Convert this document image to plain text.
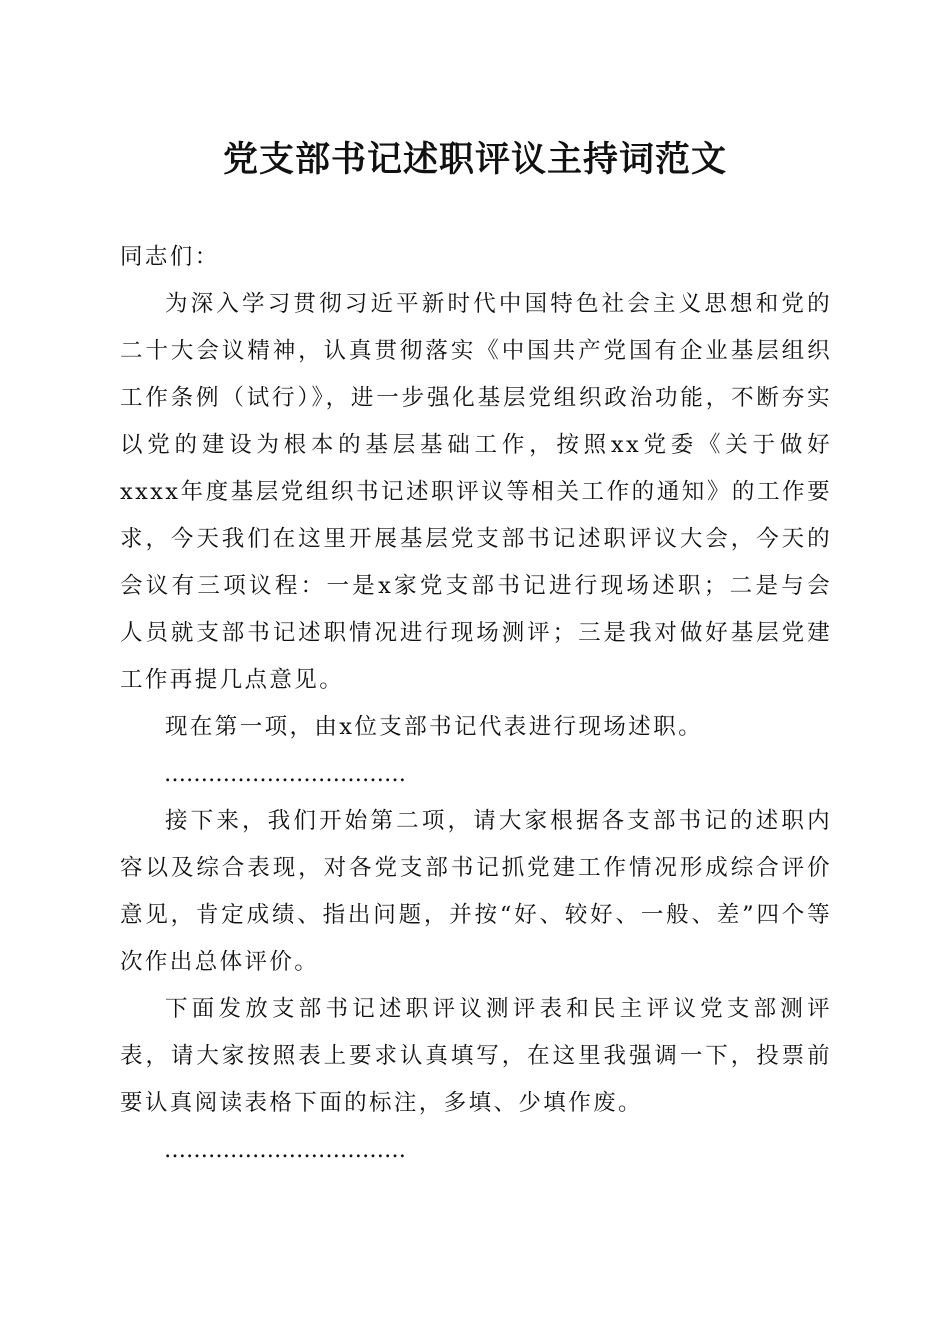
党支部书记述职评议主持词范文

同志们：

为深入学习贯彻习近平新时代中国特色社会主义思想和党的二十大会议精神，认真贯彻落实《中国共产党国有企业基层组织工作条例（试行）》，进一步强化基层党组织政治功能，不断夯实以党的建设为根本的基层基础工作，按照xx党委《关于做好xxxx年度基层党组织书记述职评议等相关工作的通知》的工作要求，今天我们在这里开展基层党支部书记述职评议大会，今天的会议有三项议程：一是x家党支部书记进行现场述职；二是与会人员就支部书记述职情况进行现场测评；三是我对做好基层党建工作再提几点意见。

现在第一项，由x位支部书记代表进行现场述职。

……………………………

接下来，我们开始第二项，请大家根据各支部书记的述职内容以及综合表现，对各党支部书记抓党建工作情况形成综合评价意见，肯定成绩、指出问题，并按“好、较好、一般、差”四个等次作出总体评价。

下面发放支部书记述职评议测评表和民主评议党支部测评表，请大家按照表上要求认真填写，在这里我强调一下，投票前要认真阅读表格下面的标注，多填、少填作废。

……………………………
